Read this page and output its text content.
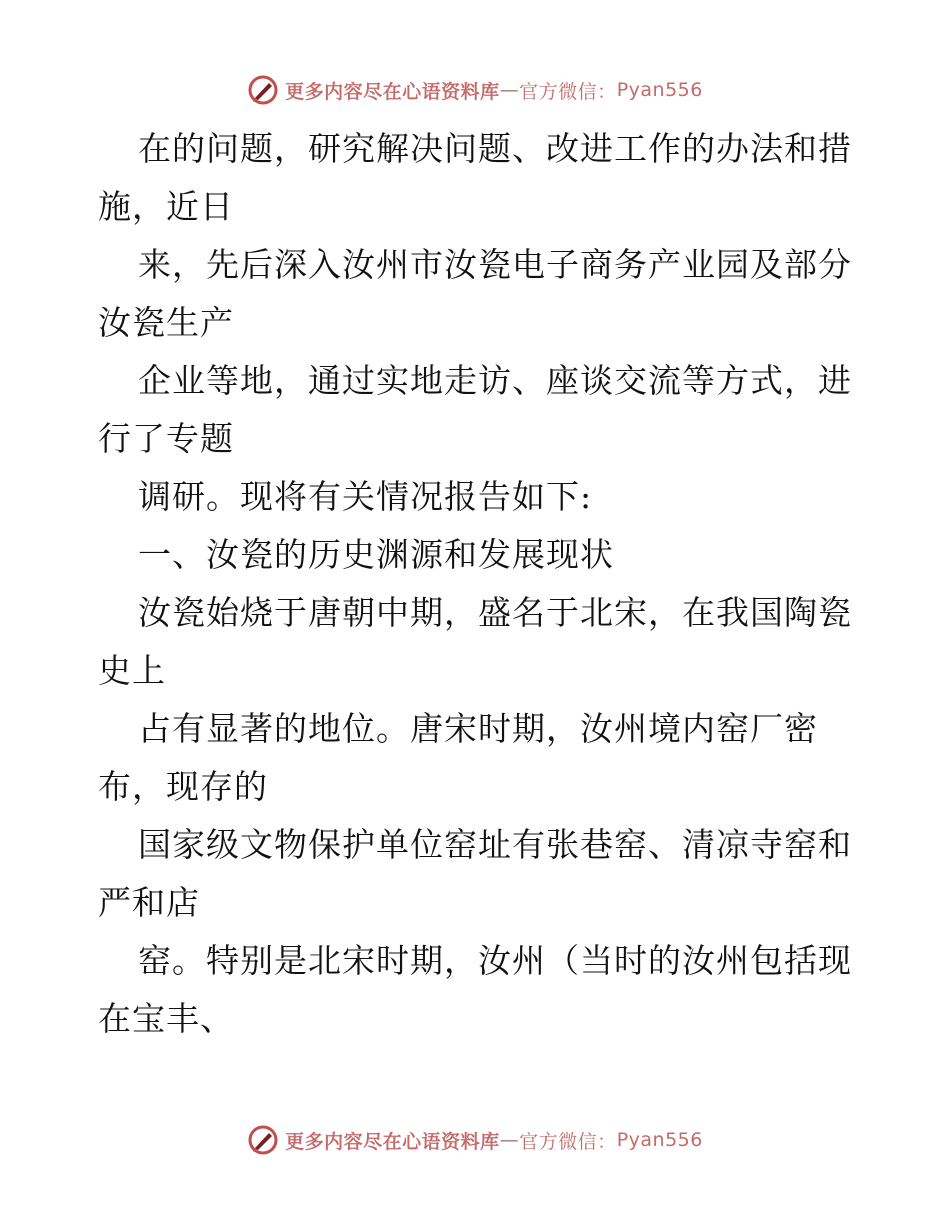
更多内容尽在心语资料库 — 官方微信： Pyan556
在的问题，研究解决问题、改进工作的办法和措
施，近日
来，先后深入汝州市汝瓷电子商务产业园及部分
汝瓷生产
企业等地，通过实地走访、座谈交流等方式，进
行了专题
调研。现将有关情况报告如下:
一、汝瓷的历史渊源和发展现状
汝瓷始烧于唐朝中期，盛名于北宋，在我国陶瓷
史上
占有显著的地位。唐宋时期，汝州境内窑厂密
布，现存的
国家级文物保护单位窑址有张巷窑、清凉寺窑和
严和店
窑。特别是北宋时期，汝州（当时的汝州包括现
在宝丰、
更多内容尽在心语资料库 — 官方微信： Pyan556
